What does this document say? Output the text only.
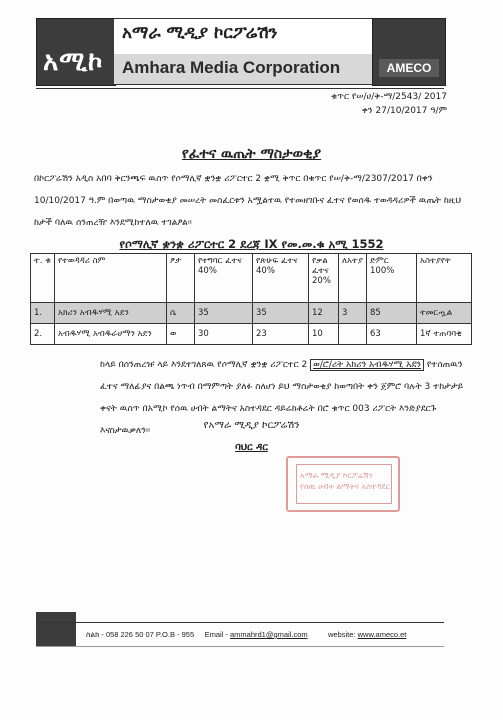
አሚኮ
አማራ ሚዲያ ኮርፖሬሽን
Amhara Media Corporation	AMECO
ቁጥር የሠ/ሀ/ቅ-ማ/2543/ 2017
ቀን 27/10/2017 ዓ/ም
የፈተና ዉጤት ማስታወቂያ
በኮርፖሬሽን አዲስ አበባ ቅርንጫፍ ዉስጥ የሶማሊኛ ቋንቋ ሪፖርተር 2 ቋሚ ቅጥር በቁጥር የሠ/ቅ-ማ/2307/2017 በቀን 10/10/2017 ዓ.ም በወጣዉ ማስታወቂያ መሠረት መስፈርቱን አሟልተዉ የተመዘገቡና ፈተና የወሰዱ ተወዳዳሪዎች ዉጤት ከዚህ ከታች ባለዉ ሰንጠረዥ እንደሚከተለዉ ተገልፆል፡፡
የሶማሊኛ ቋንቋ ሪፖርተር 2 ደረጃ IX የመ.መ.ቁ አሚ 1552
ተ. ቁ	የተወዳዳሪ ስም	ፆታ	የተግባር ፈተና 40%	የጽሁፍ ፈተና 40%	የቃል ፈተና 20%	ለአተያ	ድምር 100%	አስተያየት
1.	አክሪን አብዱሃሚ አደን	ሴ	35	35	12	3	85	ተመርጧል
2.	አብዱሃሚ አብዱራሀማን አደን	ወ	30	23	10		63	1ኛ ተጠባባቂ
ከላይ በሰንጠረዡ ላይ እንደተገለጸዉ የሶማሊኛ ቋንቋ ሪፖርተር 2 ወ/ሮ/ሪት አክሪን አብዱሃሚ አደን የተሰጠዉን ፈተና ማለፊያና በልጫ ነጥብ በማምጣት ያለፉ ስለሆነ ይህ ማስታወቂያ ከወጣበት ቀን ጀምሮ ባሉት 3 ተከታታይ ቀናት ዉስጥ በአሚኮ የሰዉ ሀብት ልማትና አስተዳደር ዳይሬክቶሬት በሮ ቁጥር 003 ሪፖርት እንድያደርጉ እናስታዉቃለን፡፡	የአማራ ሚዲያ ኮርፖሬሽን
ባህር ዳር
አማራ ሚዲያ ኮርፖሬሽን
የሰዉ ሀብት ልማትና አስተዳደር
ስልክ - 058 226 50 07 P.O.B - 955 Email - ammahrd1@gmail.com	website: www.ameco.et
